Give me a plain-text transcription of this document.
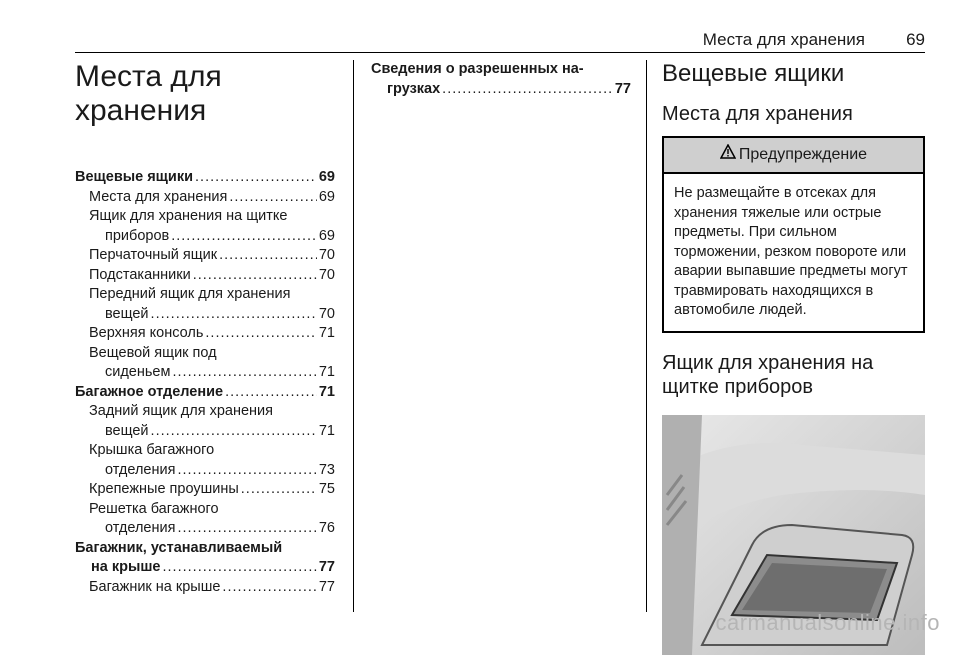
Места для хранения 69
Места для хранения
Вещевые ящики .....	69
Места для хранения .....	69
Ящик для хранения на щитке
приборов .....	69
Перчаточный ящик .....	70
Подстаканники .....	70
Передний ящик для хранения
вещей .....	70
Верхняя консоль .....	71
Вещевой ящик под
сиденьем .....	71
Багажное отделение .....	71
Задний ящик для хранения
вещей .....	71
Крышка багажного
отделения .....	73
Крепежные проушины .....	75
Решетка багажного
отделения .....	76
Багажник, устанавливаемый
на крыше .....	77
Багажник на крыше .....	77
Сведения о разрешенных на-
грузках .....	77
Вещевые ящики
Места для хранения
Предупреждение
Не размещайте в отсеках для хранения тяжелые или острые предметы. При сильном торможении, резком повороте или аварии выпавшие предметы могут травмировать находящихся в автомобиле людей.
Ящик для хранения на щитке приборов
carmanualsonline.info
